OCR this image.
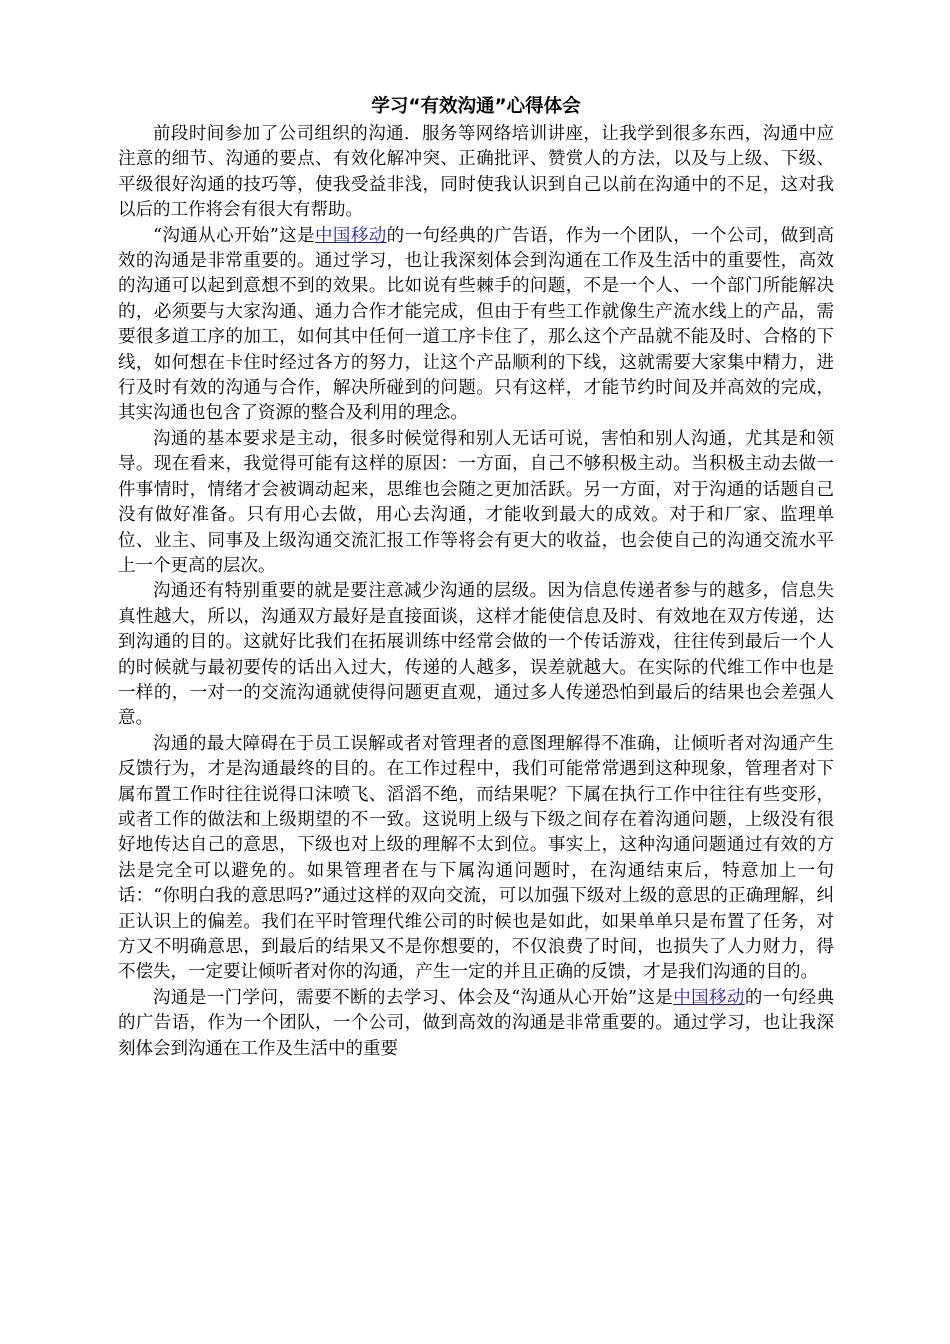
学习“有效沟通”心得体会

前段时间参加了公司组织的沟通．服务等网络培训讲座，让我学到很多东西，沟通中应注意的细节、沟通的要点、有效化解冲突、正确批评、赞赏人的方法，以及与上级、下级、平级很好沟通的技巧等，使我受益非浅，同时使我认识到自己以前在沟通中的不足，这对我以后的工作将会有很大有帮助。

“沟通从心开始”这是中国移动的一句经典的广告语，作为一个团队，一个公司，做到高效的沟通是非常重要的。通过学习，也让我深刻体会到沟通在工作及生活中的重要性，高效的沟通可以起到意想不到的效果。比如说有些棘手的问题，不是一个人、一个部门所能解决的，必须要与大家沟通、通力合作才能完成，但由于有些工作就像生产流水线上的产品，需要很多道工序的加工，如何其中任何一道工序卡住了，那么这个产品就不能及时、合格的下线，如何想在卡住时经过各方的努力，让这个产品顺利的下线，这就需要大家集中精力，进行及时有效的沟通与合作，解决所碰到的问题。只有这样，才能节约时间及并高效的完成，其实沟通也包含了资源的整合及利用的理念。

沟通的基本要求是主动，很多时候觉得和别人无话可说，害怕和别人沟通，尤其是和领导。现在看来，我觉得可能有这样的原因：一方面，自己不够积极主动。当积极主动去做一件事情时，情绪才会被调动起来，思维也会随之更加活跃。另一方面，对于沟通的话题自己没有做好准备。只有用心去做，用心去沟通，才能收到最大的成效。对于和厂家、监理单位、业主、同事及上级沟通交流汇报工作等将会有更大的收益，也会使自己的沟通交流水平上一个更高的层次。

沟通还有特别重要的就是要注意减少沟通的层级。因为信息传递者参与的越多，信息失真性越大，所以，沟通双方最好是直接面谈，这样才能使信息及时、有效地在双方传递，达到沟通的目的。这就好比我们在拓展训练中经常会做的一个传话游戏，往往传到最后一个人的时候就与最初要传的话出入过大，传递的人越多，误差就越大。在实际的代维工作中也是一样的，一对一的交流沟通就使得问题更直观，通过多人传递恐怕到最后的结果也会差强人意。

沟通的最大障碍在于员工误解或者对管理者的意图理解得不准确，让倾听者对沟通产生反馈行为，才是沟通最终的目的。在工作过程中，我们可能常常遇到这种现象，管理者对下属布置工作时往往说得口沫喷飞、滔滔不绝，而结果呢？下属在执行工作中往往有些变形，或者工作的做法和上级期望的不一致。这说明上级与下级之间存在着沟通问题，上级没有很好地传达自己的意思，下级也对上级的理解不太到位。事实上，这种沟通问题通过有效的方法是完全可以避免的。如果管理者在与下属沟通问题时，在沟通结束后，特意加上一句话：“你明白我的意思吗?”通过这样的双向交流，可以加强下级对上级的意思的正确理解，纠正认识上的偏差。我们在平时管理代维公司的时候也是如此，如果单单只是布置了任务，对方又不明确意思，到最后的结果又不是你想要的，不仅浪费了时间，也损失了人力财力，得不偿失，一定要让倾听者对你的沟通，产生一定的并且正确的反馈，才是我们沟通的目的。

沟通是一门学问，需要不断的去学习、体会及“沟通从心开始”这是中国移动的一句经典的广告语，作为一个团队，一个公司，做到高效的沟通是非常重要的。通过学习，也让我深刻体会到沟通在工作及生活中的重要
